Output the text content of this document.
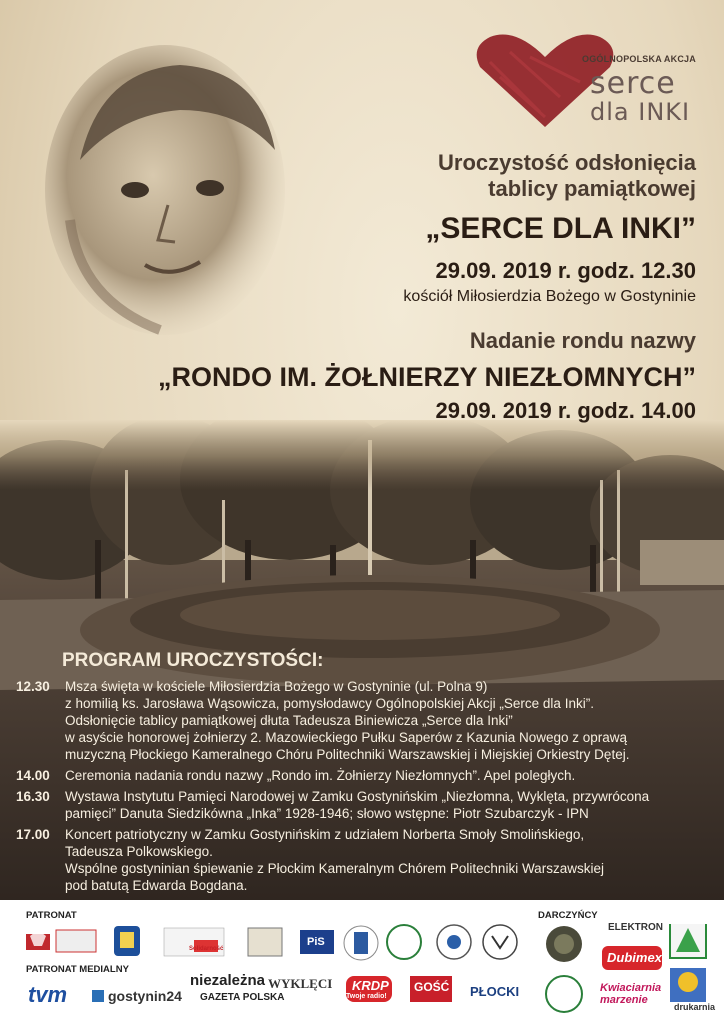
OGÓLNOPOLSKA AKCJA
serce
dla INKI
Uroczystość odsłonięcia
tablicy pamiątkowej
„SERCE DLA INKI”
29.09. 2019 r. godz. 12.30
kościół Miłosierdzia Bożego w Gostyninie
Nadanie rondu nazwy
„RONDO IM. ŻOŁNIERZY NIEZŁOMNYCH”
29.09. 2019 r. godz. 14.00
PROGRAM UROCZYSTOŚCI:
12.30	Msza święta w kościele Miłosierdzia Bożego w Gostyninie (ul. Polna 9)
z homilią ks. Jarosława Wąsowicza, pomysłodawcy Ogólnopolskiej Akcji „Serce dla Inki”.
Odsłonięcie tablicy pamiątkowej dłuta Tadeusza Biniewicza „Serce dla Inki”
w asyście honorowej żołnierzy 2. Mazowieckiego Pułku Saperów z Kazunia Nowego z oprawą
muzyczną Płockiego Kameralnego Chóru Politechniki Warszawskiej i Miejskiej Orkiestry Dętej.
14.00	Ceremonia nadania rondu nazwy „Rondo im. Żołnierzy Niezłomnych”. Apel poległych.
16.30	Wystawa Instytutu Pamięci Narodowej w Zamku Gostynińskim „Niezłomna, Wyklęta, przywrócona
pamięci” Danuta Siedzikówna „Inka” 1928-1946; słowo wstępne: Piotr Szubarczyk - IPN
17.00	Koncert patriotyczny w Zamku Gostynińskim z udziałem Norberta Smoły Smolińskiego,
Tadeusza Polkowskiego.
Wspólne gostyninian śpiewanie z Płockim Kameralnym Chórem Politechniki Warszawskiej
pod batutą Edwarda Bogdana.
PATRONAT
PATRONAT MEDIALNY
DARCZYŃCY
PiS
Solidarność
tvm	gostynin24
niezależna
GAZETA POLSKA
WYKLĘCI KRDP
Twoje radio!
GOŚĆ PŁOCKI
ELEKTRON
Dubimex
Kwiaciarnia marzenie
drukarnia
